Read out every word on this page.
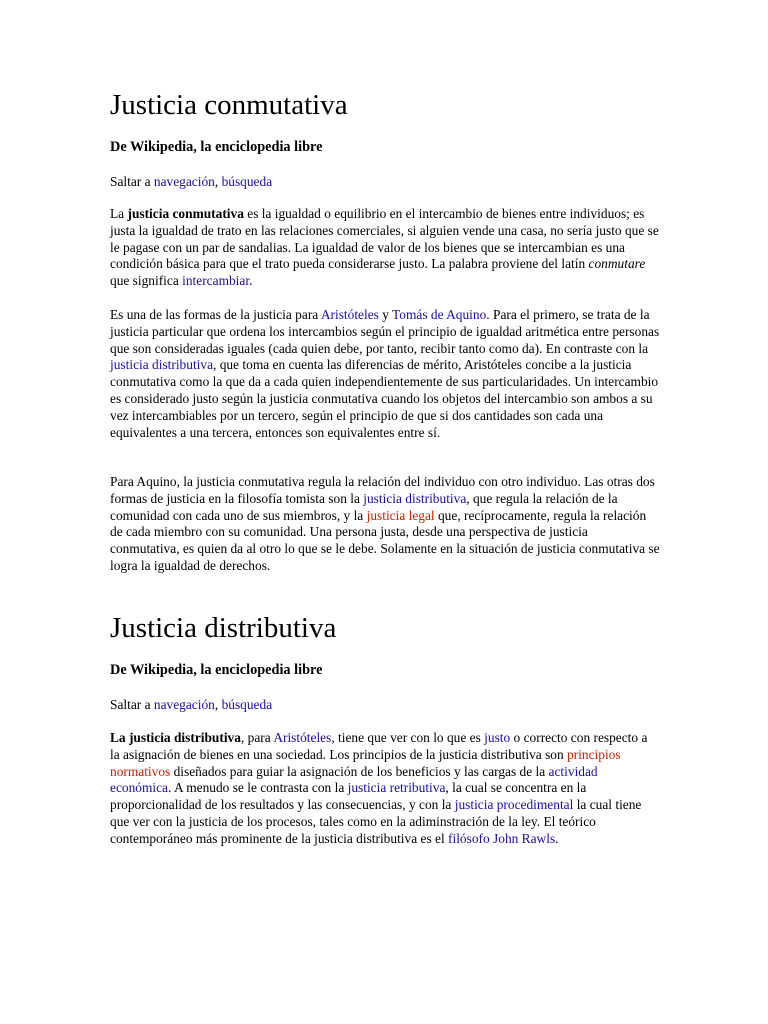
Justicia conmutativa

De Wikipedia, la enciclopedia libre

Saltar a navegación, búsqueda

La justicia conmutativa es la igualdad o equilibrio en el intercambio de bienes entre individuos; es justa la igualdad de trato en las relaciones comerciales, si alguien vende una casa, no sería justo que se le pagase con un par de sandalias. La igualdad de valor de los bienes que se intercambian es una condición básica para que el trato pueda considerarse justo. La palabra proviene del latín conmutare que significa intercambiar.

Es una de las formas de la justicia para Aristóteles y Tomás de Aquino. Para el primero, se trata de la justicia particular que ordena los intercambios según el principio de igualdad aritmética entre personas que son consideradas iguales (cada quien debe, por tanto, recibir tanto como da). En contraste con la justicia distributiva, que toma en cuenta las diferencias de mérito, Aristóteles concibe a la justicia conmutativa como la que da a cada quien independientemente de sus particularidades. Un intercambio es considerado justo según la justicia conmutativa cuando los objetos del intercambio son ambos a su vez intercambiables por un tercero, según el principio de que si dos cantidades son cada una equivalentes a una tercera, entonces son equivalentes entre sí.

Para Aquino, la justicia conmutativa regula la relación del individuo con otro individuo. Las otras dos formas de justicia en la filosofía tomista son la justicia distributiva, que regula la relación de la comunidad con cada uno de sus miembros, y la justicia legal que, recíprocamente, regula la relación de cada miembro con su comunidad. Una persona justa, desde una perspectiva de justicia conmutativa, es quien da al otro lo que se le debe. Solamente en la situación de justicia conmutativa se logra la igualdad de derechos.

Justicia distributiva

De Wikipedia, la enciclopedia libre

Saltar a navegación, búsqueda

La justicia distributiva, para Aristóteles, tiene que ver con lo que es justo o correcto con respecto a la asignación de bienes en una sociedad. Los principios de la justicia distributiva son principios normativos diseñados para guiar la asignación de los beneficios y las cargas de la actividad económica. A menudo se le contrasta con la justicia retributiva, la cual se concentra en la proporcionalidad de los resultados y las consecuencias, y con la justicia procedimental la cual tiene que ver con la justicia de los procesos, tales como en la adiminstración de la ley. El teórico contemporáneo más prominente de la justicia distributiva es el filósofo John Rawls.
